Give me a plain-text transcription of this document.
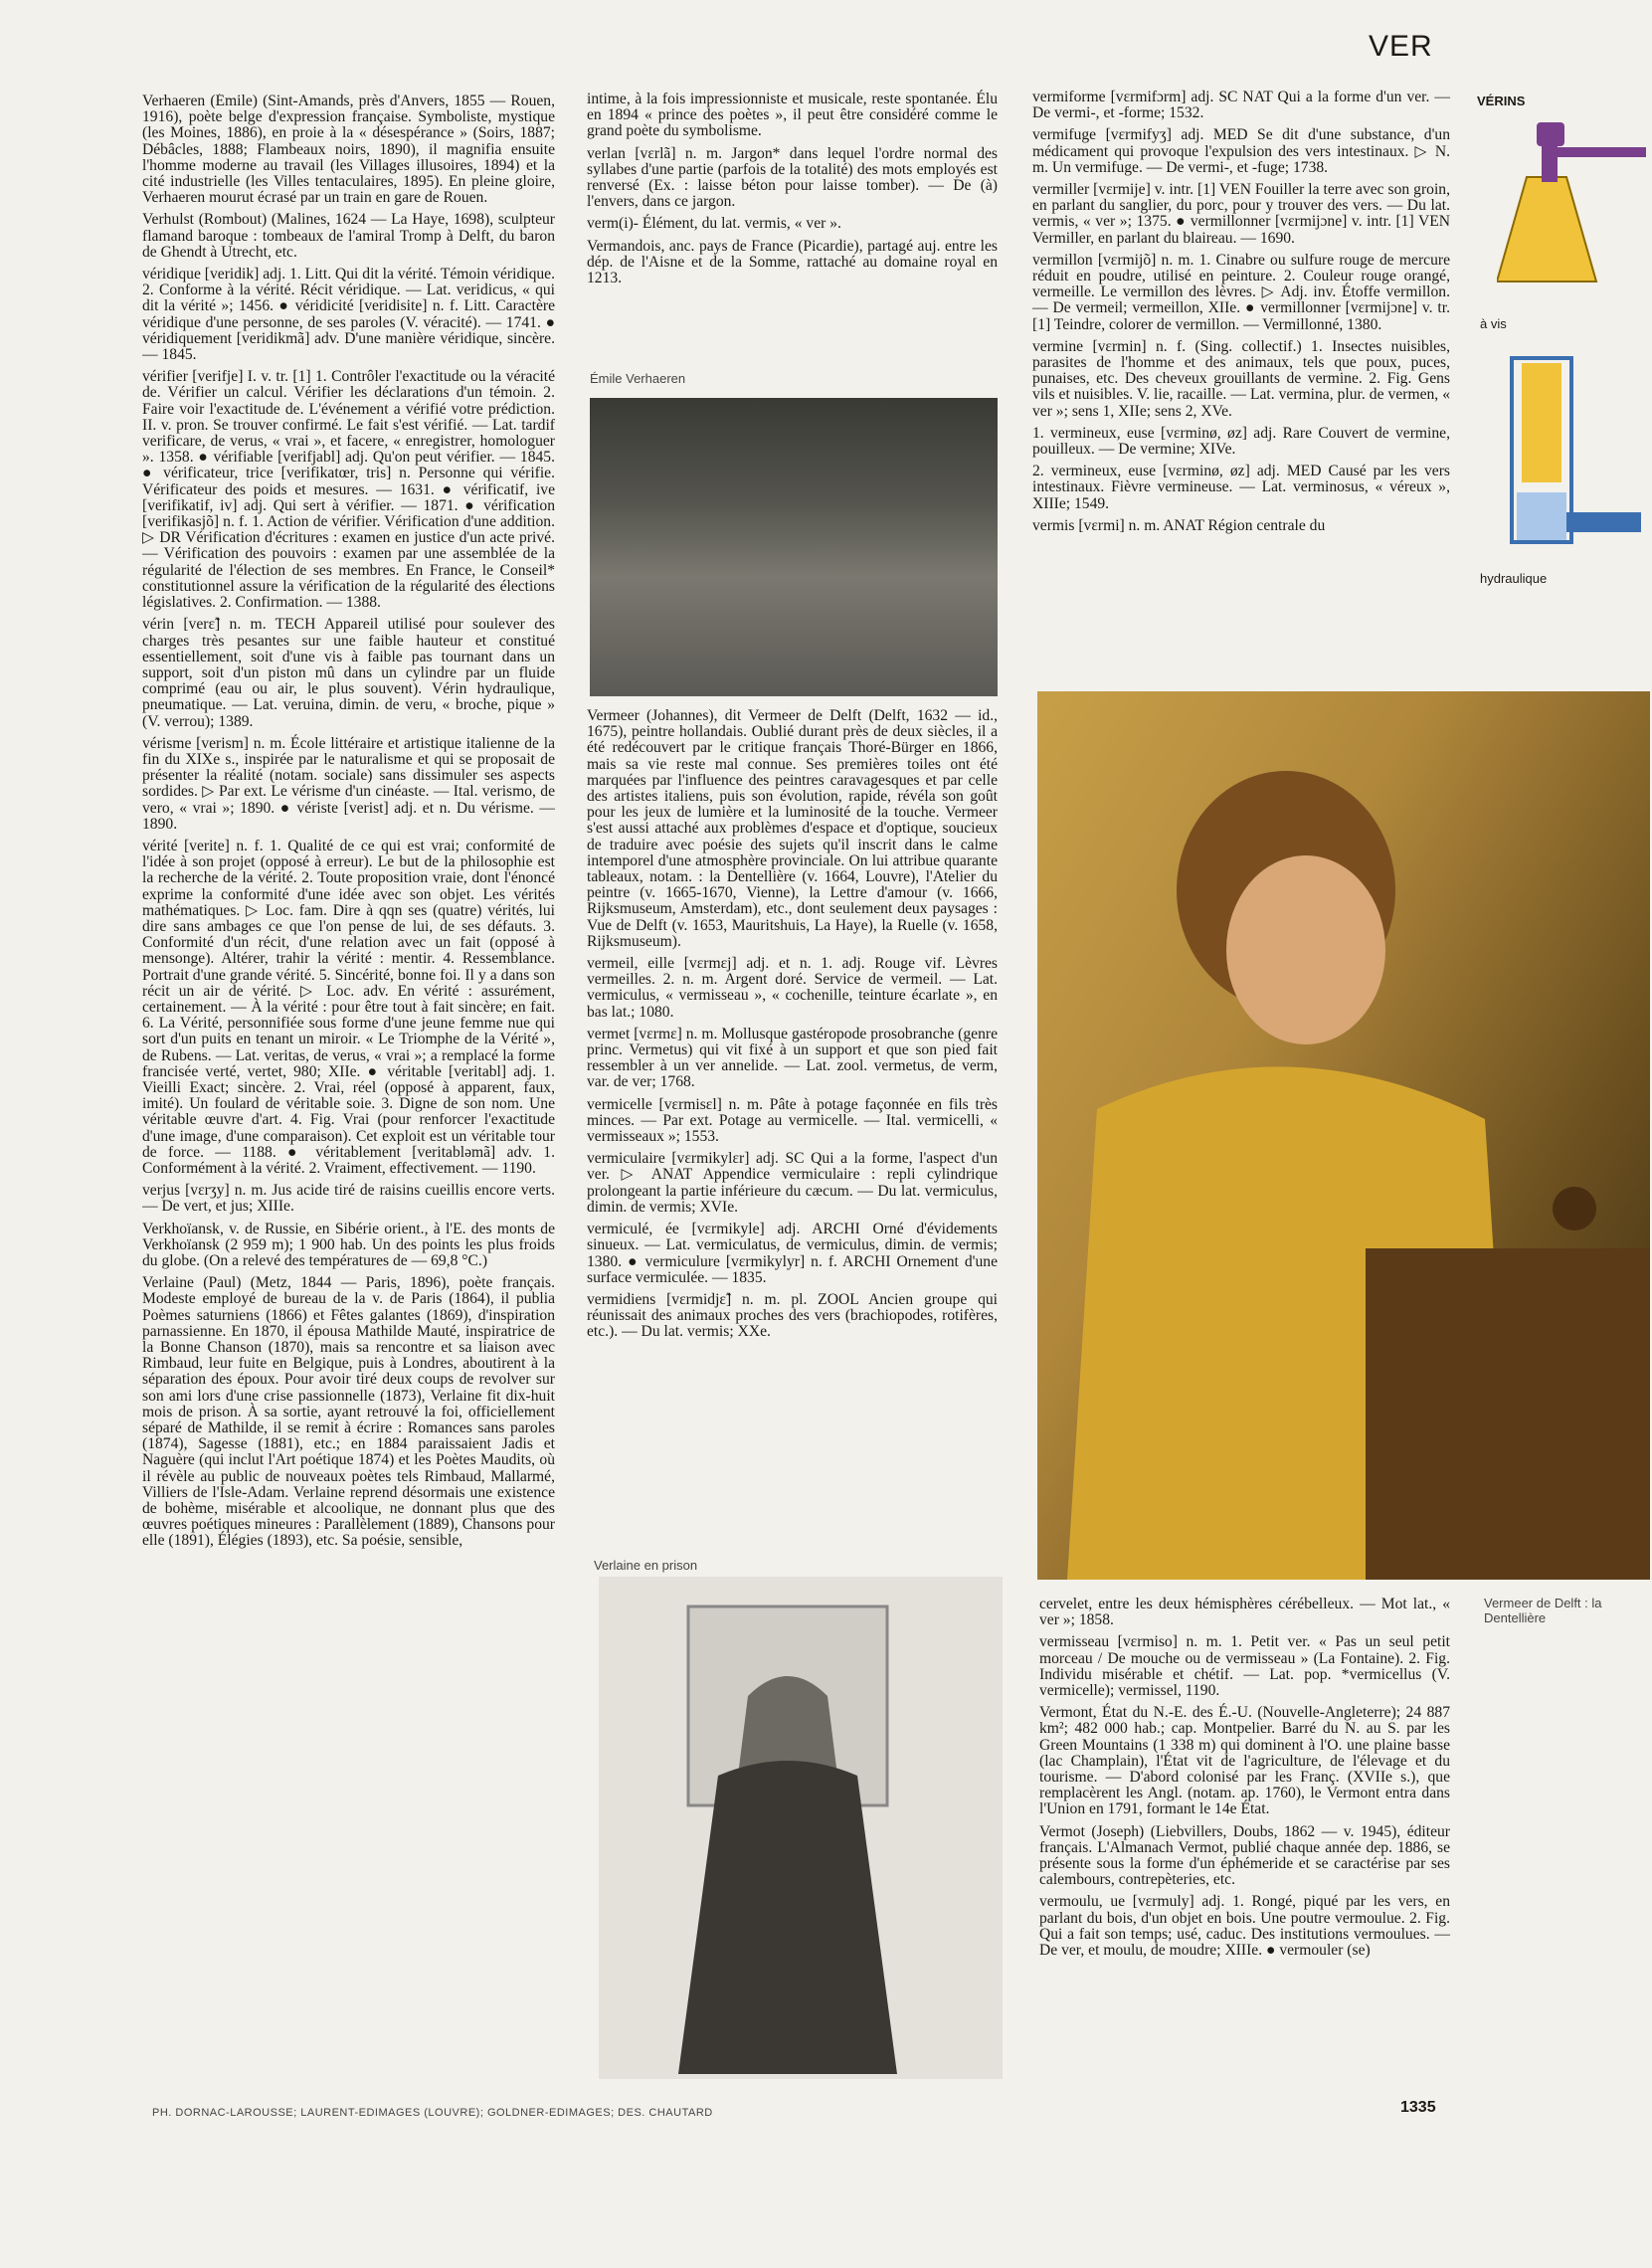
VER

Verhaeren (Émile) (Sint-Amands, près d'Anvers, 1855 — Rouen, 1916), poète belge d'expression française. Symboliste, mystique (les Moines, 1886), en proie à la « désespérance » (Soirs, 1887; Débâcles, 1888; Flambeaux noirs, 1890), il magnifia ensuite l'homme moderne au travail (les Villages illusoires, 1894) et la cité industrielle (les Villes tentaculaires, 1895). En pleine gloire, Verhaeren mourut écrasé par un train en gare de Rouen.

Verhulst (Rombout) (Malines, 1624 — La Haye, 1698), sculpteur flamand baroque : tombeaux de l'amiral Tromp à Delft, du baron de Ghendt à Utrecht, etc.

véridique [veridik] adj. 1. Litt. Qui dit la vérité. Témoin véridique. 2. Conforme à la vérité. Récit véridique. — Lat. veridicus, « qui dit la vérité »; 1456. ● véridicité [veridisite] n. f. Litt. Caractère véridique d'une personne, de ses paroles (V. véracité). — 1741. ● véridiquement [veridikmã] adv. D'une manière véridique, sincère. — 1845.

vérifier [verifje] I. v. tr. [1] 1. Contrôler l'exactitude ou la véracité de. Vérifier un calcul. Vérifier les déclarations d'un témoin. 2. Faire voir l'exactitude de. L'événement a vérifié votre prédiction. II. v. pron. Se trouver confirmé. Le fait s'est vérifié. — Lat. tardif verificare, de verus, « vrai », et facere, « enregistrer, homologuer ». 1358. ● vérifiable [verifjabl] adj. Qu'on peut vérifier. — 1845. ● vérificateur, trice [verifikatœr, tris] n. Personne qui vérifie. Vérificateur des poids et mesures. — 1631. ● vérificatif, ive [verifikatif, iv] adj. Qui sert à vérifier. — 1871. ● vérification [verifikasjõ] n. f. 1. Action de vérifier. Vérification d'une addition. ▷ DR Vérification d'écritures : examen en justice d'un acte privé. — Vérification des pouvoirs : examen par une assemblée de la régularité de l'élection de ses membres. En France, le Conseil* constitutionnel assure la vérification de la régularité des élections législatives. 2. Confirmation. — 1388.

vérin [verɛ̃] n. m. TECH Appareil utilisé pour soulever des charges très pesantes sur une faible hauteur et constitué essentiellement, soit d'une vis à faible pas tournant dans un support, soit d'un piston mû dans un cylindre par un fluide comprimé (eau ou air, le plus souvent). Vérin hydraulique, pneumatique. — Lat. veruina, dimin. de veru, « broche, pique » (V. verrou); 1389.

vérisme [verism] n. m. École littéraire et artistique italienne de la fin du XIXe s., inspirée par le naturalisme et qui se proposait de présenter la réalité (notam. sociale) sans dissimuler ses aspects sordides. ▷ Par ext. Le vérisme d'un cinéaste. — Ital. verismo, de vero, « vrai »; 1890. ● vériste [verist] adj. et n. Du vérisme. — 1890.

vérité [verite] n. f. 1. Qualité de ce qui est vrai; conformité de l'idée à son projet (opposé à erreur). Le but de la philosophie est la recherche de la vérité. 2. Toute proposition vraie, dont l'énoncé exprime la conformité d'une idée avec son objet. Les vérités mathématiques. ▷ Loc. fam. Dire à qqn ses (quatre) vérités, lui dire sans ambages ce que l'on pense de lui, de ses défauts. 3. Conformité d'un récit, d'une relation avec un fait (opposé à mensonge). Altérer, trahir la vérité : mentir. 4. Ressemblance. Portrait d'une grande vérité. 5. Sincérité, bonne foi. Il y a dans son récit un air de vérité. ▷ Loc. adv. En vérité : assurément, certainement. — À la vérité : pour être tout à fait sincère; en fait. 6. La Vérité, personnifiée sous forme d'une jeune femme nue qui sort d'un puits en tenant un miroir. « Le Triomphe de la Vérité », de Rubens. — Lat. veritas, de verus, « vrai »; a remplacé la forme francisée verté, vertet, 980; XIIe. ● véritable [veritabl] adj. 1. Vieilli Exact; sincère. 2. Vrai, réel (opposé à apparent, faux, imité). Un foulard de véritable soie. 3. Digne de son nom. Une véritable œuvre d'art. 4. Fig. Vrai (pour renforcer l'exactitude d'une image, d'une comparaison). Cet exploit est un véritable tour de force. — 1188. ● véritablement [veritabləmã] adv. 1. Conformément à la vérité. 2. Vraiment, effectivement. — 1190.

verjus [vɛrʒy] n. m. Jus acide tiré de raisins cueillis encore verts. — De vert, et jus; XIIIe.

Verkhoïansk, v. de Russie, en Sibérie orient., à l'E. des monts de Verkhoïansk (2 959 m); 1 900 hab. Un des points les plus froids du globe. (On a relevé des températures de — 69,8 °C.)

Verlaine (Paul) (Metz, 1844 — Paris, 1896), poète français. Modeste employé de bureau de la v. de Paris (1864), il publia Poèmes saturniens (1866) et Fêtes galantes (1869), d'inspiration parnassienne. En 1870, il épousa Mathilde Mauté, inspiratrice de la Bonne Chanson (1870), mais sa rencontre et sa liaison avec Rimbaud, leur fuite en Belgique, puis à Londres, aboutirent à la séparation des époux. Pour avoir tiré deux coups de revolver sur son ami lors d'une crise passionnelle (1873), Verlaine fit dix-huit mois de prison. À sa sortie, ayant retrouvé la foi, officiellement séparé de Mathilde, il se remit à écrire : Romances sans paroles (1874), Sagesse (1881), etc.; en 1884 paraissaient Jadis et Naguère (qui inclut l'Art poétique 1874) et les Poètes Maudits, où il révèle au public de nouveaux poètes tels Rimbaud, Mallarmé, Villiers de l'Isle-Adam. Verlaine reprend désormais une existence de bohème, misérable et alcoolique, ne donnant plus que des œuvres poétiques mineures : Parallèlement (1889), Chansons pour elle (1891), Élégies (1893), etc. Sa poésie, sensible,

intime, à la fois impressionniste et musicale, reste spontanée. Élu en 1894 « prince des poètes », il peut être considéré comme le grand poète du symbolisme.

verlan [vɛrlã] n. m. Jargon* dans lequel l'ordre normal des syllabes d'une partie (parfois de la totalité) des mots employés est renversé (Ex. : laisse béton pour laisse tomber). — De (à) l'envers, dans ce jargon.

verm(i)- Élément, du lat. vermis, « ver ».

Vermandois, anc. pays de France (Picardie), partagé auj. entre les dép. de l'Aisne et de la Somme, rattaché au domaine royal en 1213.

Émile Verhaeren

Vermeer (Johannes), dit Vermeer de Delft (Delft, 1632 — id., 1675), peintre hollandais. Oublié durant près de deux siècles, il a été redécouvert par le critique français Thoré-Bürger en 1866, mais sa vie reste mal connue. Ses premières toiles ont été marquées par l'influence des peintres caravagesques et par celle des artistes italiens, puis son évolution, rapide, révéla son goût pour les jeux de lumière et la luminosité de la touche. Vermeer s'est aussi attaché aux problèmes d'espace et d'optique, soucieux de traduire avec poésie des sujets qu'il inscrit dans le calme intemporel d'une atmosphère provinciale. On lui attribue quarante tableaux, notam. : la Dentellière (v. 1664, Louvre), l'Atelier du peintre (v. 1665-1670, Vienne), la Lettre d'amour (v. 1666, Rijksmuseum, Amsterdam), etc., dont seulement deux paysages : Vue de Delft (v. 1653, Mauritshuis, La Haye), la Ruelle (v. 1658, Rijksmuseum).

vermeil, eille [vɛrmɛj] adj. et n. 1. adj. Rouge vif. Lèvres vermeilles. 2. n. m. Argent doré. Service de vermeil. — Lat. vermiculus, « vermisseau », « cochenille, teinture écarlate », en bas lat.; 1080.

vermet [vɛrmɛ] n. m. Mollusque gastéropode prosobranche (genre princ. Vermetus) qui vit fixé à un support et que son pied fait ressembler à un ver annelide. — Lat. zool. vermetus, de verm, var. de ver; 1768.

vermicelle [vɛrmisɛl] n. m. Pâte à potage façonnée en fils très minces. — Par ext. Potage au vermicelle. — Ital. vermicelli, « vermisseaux »; 1553.

vermiculaire [vɛrmikylɛr] adj. SC Qui a la forme, l'aspect d'un ver. ▷ ANAT Appendice vermiculaire : repli cylindrique prolongeant la partie inférieure du cæcum. — Du lat. vermiculus, dimin. de vermis; XVIe.

vermiculé, ée [vɛrmikyle] adj. ARCHI Orné d'évidements sinueux. — Lat. vermiculatus, de vermiculus, dimin. de vermis; 1380. ● vermiculure [vɛrmikylyr] n. f. ARCHI Ornement d'une surface vermiculée. — 1835.

vermidiens [vɛrmidjɛ̃] n. m. pl. ZOOL Ancien groupe qui réunissait des animaux proches des vers (brachiopodes, rotifères, etc.). — Du lat. vermis; XXe.

Verlaine en prison

vermiforme [vɛrmifɔrm] adj. SC NAT Qui a la forme d'un ver. — De vermi-, et -forme; 1532.

vermifuge [vɛrmifyʒ] adj. MED Se dit d'une substance, d'un médicament qui provoque l'expulsion des vers intestinaux. ▷ N. m. Un vermifuge. — De vermi-, et -fuge; 1738.

vermiller [vɛrmije] v. intr. [1] VEN Fouiller la terre avec son groin, en parlant du sanglier, du porc, pour y trouver des vers. — Du lat. vermis, « ver »; 1375. ● vermillonner [vɛrmijɔne] v. intr. [1] VEN Vermiller, en parlant du blaireau. — 1690.

vermillon [vɛrmijõ] n. m. 1. Cinabre ou sulfure rouge de mercure réduit en poudre, utilisé en peinture. 2. Couleur rouge orangé, vermeille. Le vermillon des lèvres. ▷ Adj. inv. Étoffe vermillon. — De vermeil; vermeillon, XIIe. ● vermillonner [vɛrmijɔne] v. tr. [1] Teindre, colorer de vermillon. — Vermillonné, 1380.

vermine [vɛrmin] n. f. (Sing. collectif.) 1. Insectes nuisibles, parasites de l'homme et des animaux, tels que poux, puces, punaises, etc. Des cheveux grouillants de vermine. 2. Fig. Gens vils et nuisibles. V. lie, racaille. — Lat. vermina, plur. de vermen, « ver »; sens 1, XIIe; sens 2, XVe.

1. vermineux, euse [vɛrminø, øz] adj. Rare Couvert de vermine, pouilleux. — De vermine; XIVe.

2. vermineux, euse [vɛrminø, øz] adj. MED Causé par les vers intestinaux. Fièvre vermineuse. — Lat. verminosus, « véreux », XIIIe; 1549.

vermis [vɛrmi] n. m. ANAT Région centrale du

cervelet, entre les deux hémisphères cérébelleux. — Mot lat., « ver »; 1858.

vermisseau [vɛrmiso] n. m. 1. Petit ver. « Pas un seul petit morceau / De mouche ou de vermisseau » (La Fontaine). 2. Fig. Individu misérable et chétif. — Lat. pop. *vermicellus (V. vermicelle); vermissel, 1190.

Vermont, État du N.-E. des É.-U. (Nouvelle-Angleterre); 24 887 km²; 482 000 hab.; cap. Montpelier. Barré du N. au S. par les Green Mountains (1 338 m) qui dominent à l'O. une plaine basse (lac Champlain), l'État vit de l'agriculture, de l'élevage et du tourisme. — D'abord colonisé par les Franç. (XVIIe s.), que remplacèrent les Angl. (notam. ap. 1760), le Vermont entra dans l'Union en 1791, formant le 14e État.

Vermot (Joseph) (Liebvillers, Doubs, 1862 — v. 1945), éditeur français. L'Almanach Vermot, publié chaque année dep. 1886, se présente sous la forme d'un éphémeride et se caractérise par ses calembours, contrepèteries, etc.

vermoulu, ue [vɛrmuly] adj. 1. Rongé, piqué par les vers, en parlant du bois, d'un objet en bois. Une poutre vermoulue. 2. Fig. Qui a fait son temps; usé, caduc. Des institutions vermoulues. — De ver, et moulu, de moudre; XIIIe. ● vermouler (se)

Vermeer de Delft : la Dentellière
VÉRINS
à vis
hydraulique
PH. DORNAC-LAROUSSE; LAURENT-EDIMAGES (LOUVRE); GOLDNER-EDIMAGES; DES. CHAUTARD	1335
